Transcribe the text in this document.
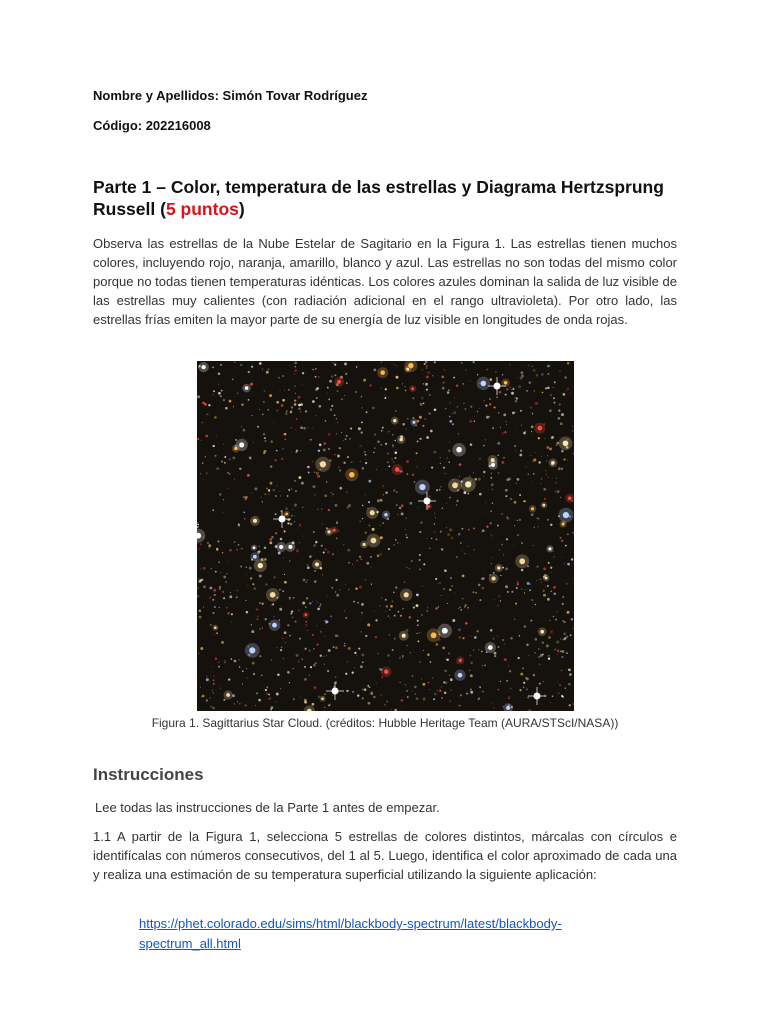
Nombre y Apellidos: Simón Tovar Rodríguez
Código: 202216008
Parte 1 – Color, temperatura de las estrellas y Diagrama Hertzsprung Russell (5 puntos)
Observa las estrellas de la Nube Estelar de Sagitario en la Figura 1. Las estrellas tienen muchos colores, incluyendo rojo, naranja, amarillo, blanco y azul. Las estrellas no son todas del mismo color porque no todas tienen temperaturas idénticas. Los colores azules dominan la salida de luz visible de las estrellas muy calientes (con radiación adicional en el rango ultravioleta). Por otro lado, las estrellas frías emiten la mayor parte de su energía de luz visible en longitudes de onda rojas.
Figura 1. Sagittarius Star Cloud. (créditos: Hubble Heritage Team (AURA/STScI/NASA))
Instrucciones
Lee todas las instrucciones de la Parte 1 antes de empezar.
1.1 A partir de la Figura 1, selecciona 5 estrellas de colores distintos, márcalas con círculos e identifícalas con números consecutivos, del 1 al 5. Luego, identifica el color aproximado de cada una y realiza una estimación de su temperatura superficial utilizando la siguiente aplicación:
https://phet.colorado.edu/sims/html/blackbody-spectrum/latest/blackbody-spectrum_all.html
